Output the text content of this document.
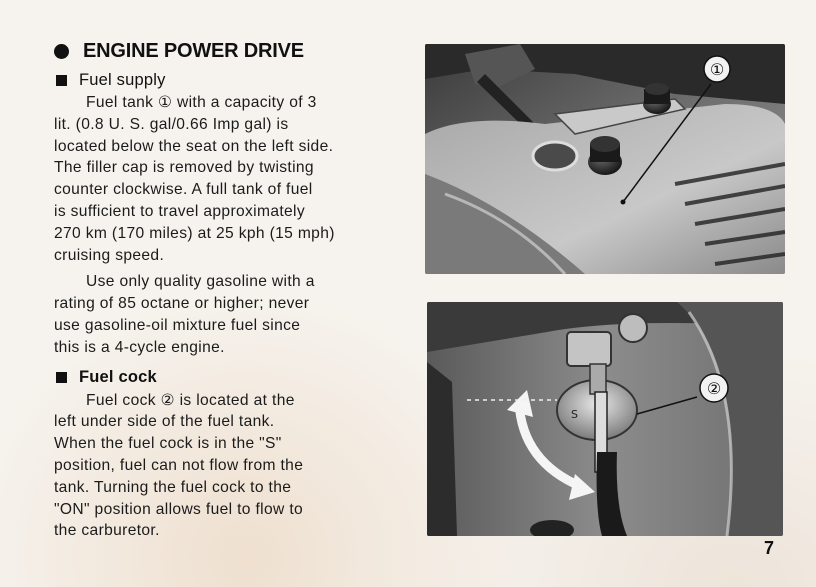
ENGINE POWER DRIVE
Fuel supply
Fuel tank ① with a capacity of 3
lit. (0.8 U. S. gal/0.66 Imp gal) is
located below the seat on the left side.
The filler cap is removed by twisting
counter clockwise. A full tank of fuel
is sufficient to travel approximately
270 km (170 miles) at 25 kph (15 mph)
cruising speed.
Use only quality gasoline with a
rating of 85 octane or higher; never
use gasoline-oil mixture fuel since
this is a 4-cycle engine.
Fuel cock
Fuel cock ② is located at the
left under side of the fuel tank.
When the fuel cock is in the "S"
position, fuel can not flow from the
tank. Turning the fuel cock to the
"ON" position allows fuel to flow to
the carburetor.
①
S
②
7
